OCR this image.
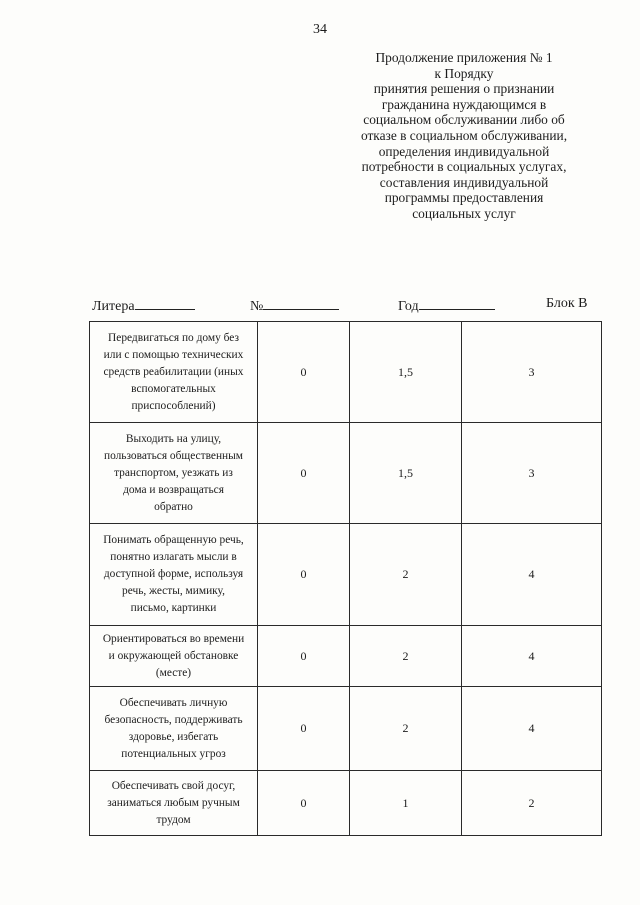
34
Продолжение приложения № 1
к Порядку
принятия решения о признании
гражданина нуждающимся в
социальном обслуживании либо об
отказе в социальном обслуживании,
определения индивидуальной
потребности в социальных услугах,
составления индивидуальной
программы предоставления
социальных услуг
Литера	№	Год	Блок В
Передвигаться по дому без
или с помощью технических
средств реабилитации (иных
вспомогательных
приспособлений)	0	1,5	3

Выходить на улицу,
пользоваться общественным
транспортом, уезжать из
дома и возвращаться
обратно	0	1,5	3

Понимать обращенную речь,
понятно излагать мысли в
доступной форме, используя
речь, жесты, мимику,
письмо, картинки	0	2	4

Ориентироваться во времени
и окружающей обстановке
(месте)	0	2	4

Обеспечивать личную
безопасность, поддерживать
здоровье, избегать
потенциальных угроз	0	2	4

Обеспечивать свой досуг,
заниматься любым ручным
трудом	0	1	2
